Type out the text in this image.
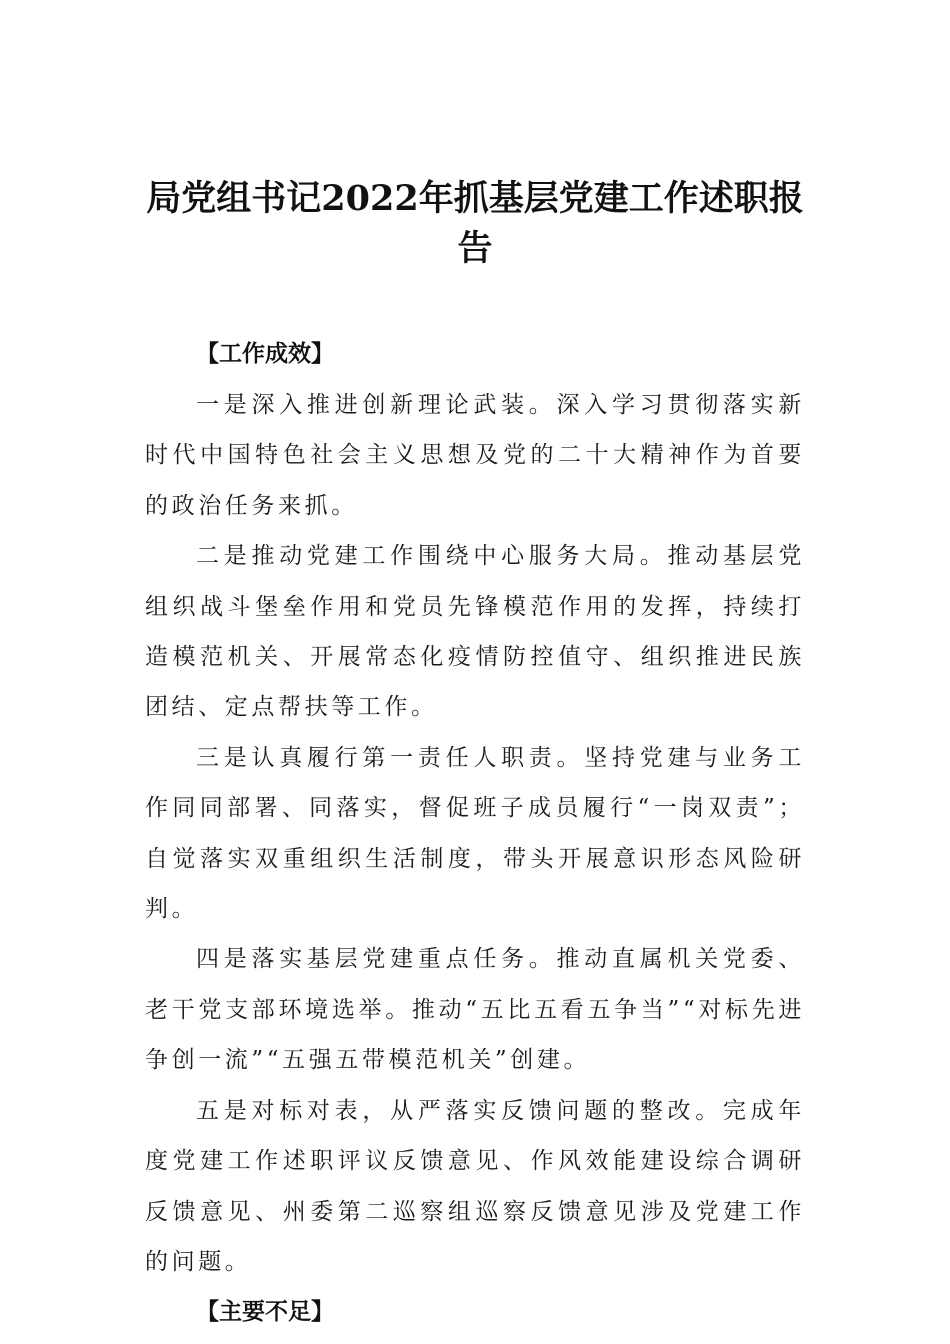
局党组书记2022年抓基层党建工作述职报告
【工作成效】

一是深入推进创新理论武装。深入学习贯彻落实新时代中国特色社会主义思想及党的二十大精神作为首要的政治任务来抓。

二是推动党建工作围绕中心服务大局。推动基层党组织战斗堡垒作用和党员先锋模范作用的发挥，持续打造模范机关、开展常态化疫情防控值守、组织推进民族团结、定点帮扶等工作。

三是认真履行第一责任人职责。坚持党建与业务工作同同部署、同落实，督促班子成员履行“一岗双责”；自觉落实双重组织生活制度，带头开展意识形态风险研判。

四是落实基层党建重点任务。推动直属机关党委、老干党支部环境选举。推动“五比五看五争当”“对标先进争创一流”“五强五带模范机关”创建。

五是对标对表，从严落实反馈问题的整改。完成年度党建工作述职评议反馈意见、作风效能建设综合调研反馈意见、州委第二巡察组巡察反馈意见涉及党建工作的问题。

【主要不足】
